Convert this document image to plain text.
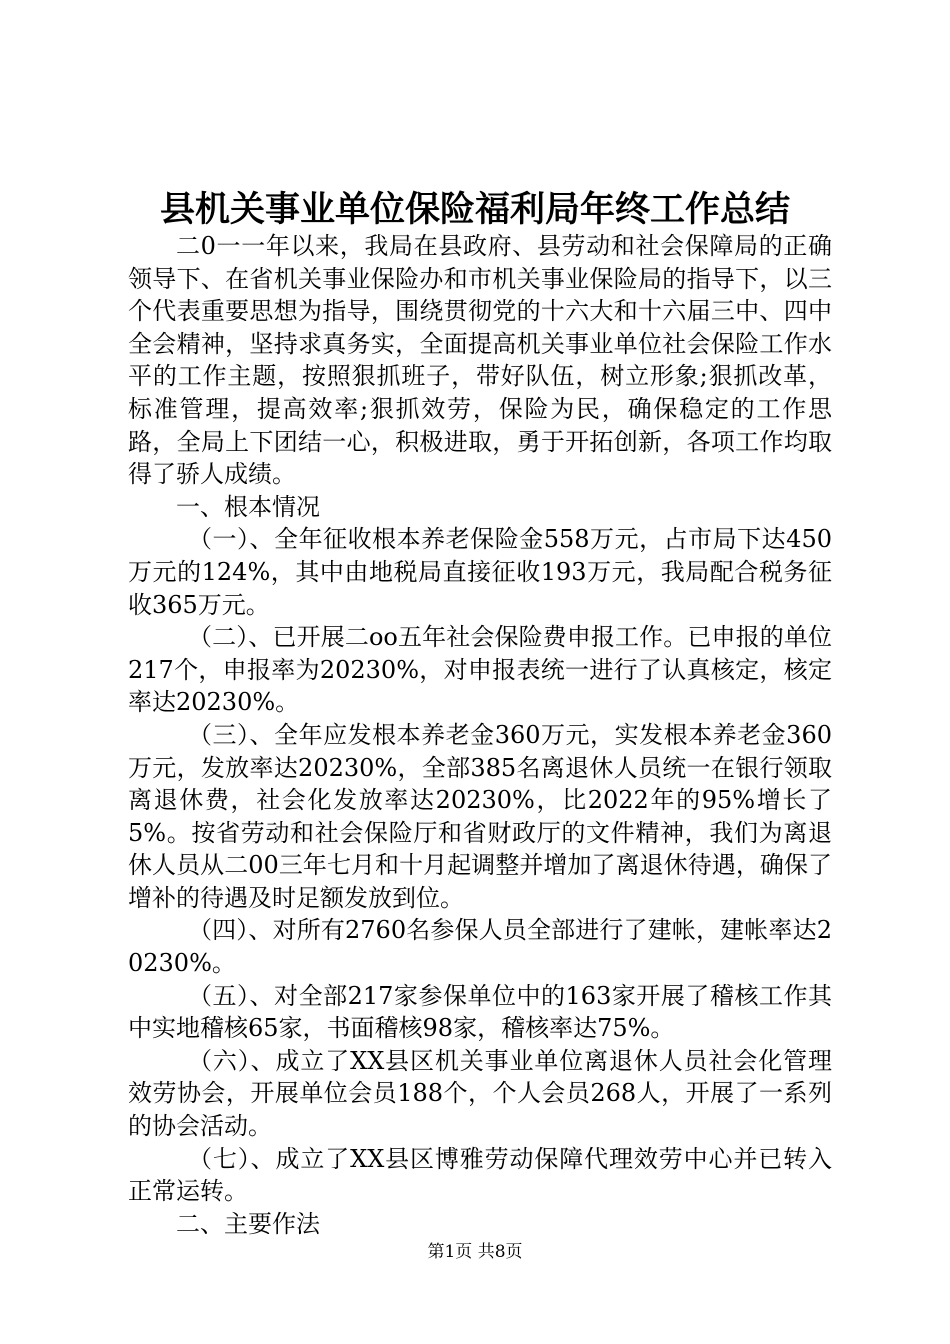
县机关事业单位保险福利局年终工作总结

二0一一年以来，我局在县政府、县劳动和社会保障局的正确领导下、在省机关事业保险办和市机关事业保险局的指导下，以三个代表重要思想为指导，围绕贯彻党的十六大和十六届三中、四中全会精神，坚持求真务实，全面提高机关事业单位社会保险工作水平的工作主题，按照狠抓班子，带好队伍，树立形象;狠抓改革，标准管理，提高效率;狠抓效劳，保险为民，确保稳定的工作思路，全局上下团结一心，积极进取，勇于开拓创新，各项工作均取得了骄人成绩。

一、根本情况

（一）、全年征收根本养老保险金558万元，占市局下达450万元的124%，其中由地税局直接征收193万元，我局配合税务征收365万元。

（二）、已开展二oo五年社会保险费申报工作。已申报的单位217个，申报率为20230%，对申报表统一进行了认真核定，核定率达20230%。

（三）、全年应发根本养老金360万元，实发根本养老金360万元，发放率达20230%，全部385名离退休人员统一在银行领取离退休费，社会化发放率达20230%，比2022年的95%增长了5%。按省劳动和社会保险厅和省财政厅的文件精神，我们为离退休人员从二00三年七月和十月起调整并增加了离退休待遇，确保了增补的待遇及时足额发放到位。

（四）、对所有2760名参保人员全部进行了建帐，建帐率达20230%。

（五）、对全部217家参保单位中的163家开展了稽核工作其中实地稽核65家，书面稽核98家，稽核率达75%。

（六）、成立了XX县区机关事业单位离退休人员社会化管理效劳协会，开展单位会员188个，个人会员268人，开展了一系列的协会活动。

（七）、成立了XX县区博雅劳动保障代理效劳中心并已转入正常运转。

二、主要作法

第1页 共8页
